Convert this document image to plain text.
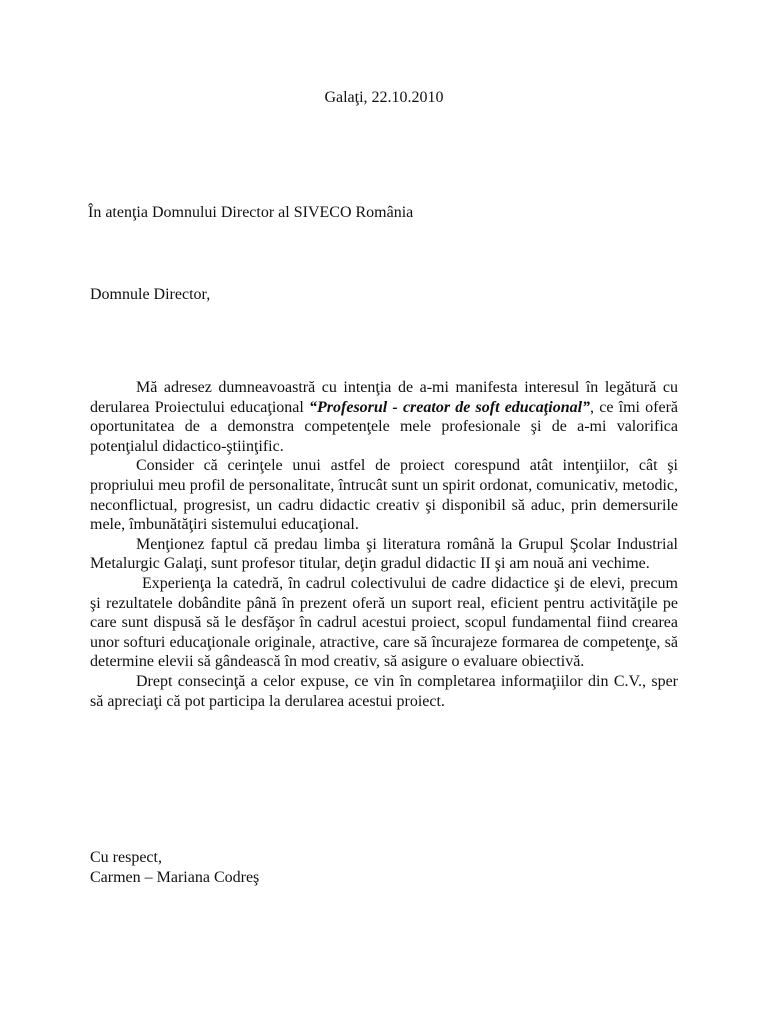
Galaţi, 22.10.2010
În atenţia Domnului Director al SIVECO România
Domnule Director,

Mă adresez dumneavoastră cu intenţia de a-mi manifesta interesul în legătură cu derularea Proiectului educaţional “Profesorul - creator de soft educaţional”, ce îmi oferă oportunitatea de a demonstra competenţele mele profesionale şi de a-mi valorifica potenţialul didactico-ştiinţific.

Consider că cerinţele unui astfel de proiect corespund atât intenţiilor, cât şi propriului meu profil de personalitate, întrucât sunt un spirit ordonat, comunicativ, metodic, neconflictual, progresist, un cadru didactic creativ şi disponibil să aduc, prin demersurile mele, îmbunătăţiri sistemului educaţional.

Menţionez faptul că predau limba şi literatura română la Grupul Şcolar Industrial Metalurgic Galaţi, sunt profesor titular, deţin gradul didactic II şi am nouă ani vechime.

Experienţa la catedră, în cadrul colectivului de cadre didactice şi de elevi, precum şi rezultatele dobândite până în prezent oferă un suport real, eficient pentru activităţile pe care sunt dispusă să le desfăşor în cadrul acestui proiect, scopul fundamental fiind crearea unor softuri educaţionale originale, atractive, care să încurajeze formarea de competenţe, să determine elevii să gândească în mod creativ, să asigure o evaluare obiectivă.

Drept consecinţă a celor expuse, ce vin în completarea informaţiilor din C.V., sper să apreciaţi că pot participa la derularea acestui proiect.

Cu respect,
Carmen – Mariana Codreş
